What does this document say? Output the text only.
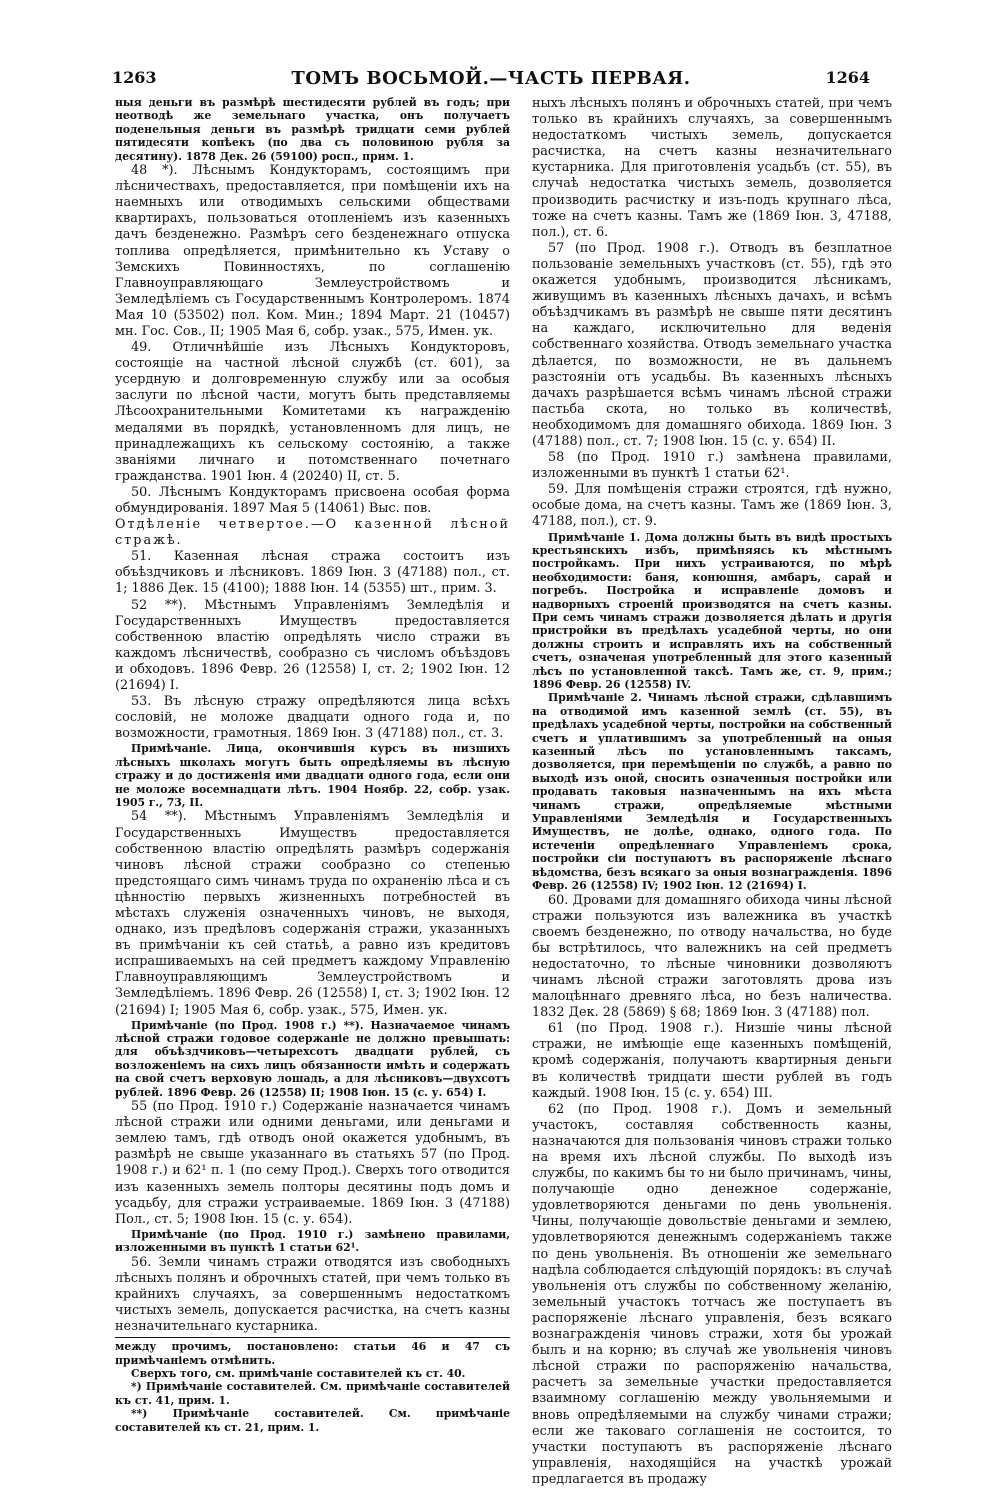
1263	ТОМЪ ВОСЬМОЙ.—ЧАСТЬ ПЕРВАЯ.	1264

ныя деньги въ размѣрѣ шестидесяти рублей въ годъ; при неотводѣ же земельнаго участка, онъ получаетъ поденельныя деньги въ размѣрѣ тридцати семи рублей пятидесяти копѣекъ (по два съ половиною рубля за десятину). 1878 Дек. 26 (59100) росп., прим. 1.

48 *). Лѣснымъ Кондукторамъ, состоящимъ при лѣсничествахъ, предоставляется, при помѣщеніи ихъ на наемныхъ или отводимыхъ сельскими обществами квартирахъ, пользоваться отопленіемъ изъ казенныхъ дачъ безденежно. Размѣръ сего безденежнаго отпуска топлива опредѣляется, примѣнительно къ Уставу о Земскихъ Повинностяхъ, по соглашенію Главноуправляющаго Землеустройствомъ и Земледѣліемъ съ Государственнымъ Контролеромъ. 1874 Мая 10 (53502) пол. Ком. Мин.; 1894 Март. 21 (10457) мн. Гос. Сов., II; 1905 Мая 6, собр. узак., 575, Имен. ук.

49. Отличнѣйшіе изъ Лѣсныхъ Кондукторовъ, состоящіе на частной лѣсной службѣ (ст. 601), за усердную и долговременную службу или за особыя заслуги по лѣсной части, могутъ быть представляемы Лѣсоохранительными Комитетами къ награжденію медалями въ порядкѣ, установленномъ для лицъ, не принадлежащихъ къ сельскому состоянію, а также званіями личнаго и потомственнаго почетнаго гражданства. 1901 Іюн. 4 (20240) II, ст. 5.

50. Лѣснымъ Кондукторамъ присвоена особая форма обмундированія. 1897 Мая 5 (14061) Выс. пов.

Отдѣленіе четвертое.—О казенной лѣсной стражѣ.

51. Казенная лѣсная стража состоитъ изъ объѣздчиковъ и лѣсниковъ. 1869 Іюн. 3 (47188) пол., ст. 1; 1886 Дек. 15 (4100); 1888 Іюн. 14 (5355) шт., прим. 3.

52 **). Мѣстнымъ Управленіямъ Земледѣлія и Государственныхъ Имуществъ предоставляется собственною властію опредѣлять число стражи въ каждомъ лѣсничествѣ, сообразно съ числомъ объѣздовъ и обходовъ. 1896 Февр. 26 (12558) I, ст. 2; 1902 Іюн. 12 (21694) I.

53. Въ лѣсную стражу опредѣляются лица всѣхъ сословій, не моложе двадцати одного года и, по возможности, грамотныя. 1869 Іюн. 3 (47188) пол., ст. 3.

Примѣчаніе. Лица, окончившія курсъ въ низшихъ лѣсныхъ школахъ могутъ быть опредѣляемы въ лѣсную стражу и до достиженія ими двадцати одного года, если они не моложе восемнадцати лѣтъ. 1904 Ноябр. 22, собр. узак. 1905 г., 73, II.

54 **). Мѣстнымъ Управленіямъ Земледѣлія и Государственныхъ Имуществъ предоставляется собственною властію опредѣлять размѣръ содержанія чиновъ лѣсной стражи сообразно со степенью предстоящаго симъ чинамъ труда по охраненію лѣса и съ цѣнностію первыхъ жизненныхъ потребностей въ мѣстахъ служенія означенныхъ чиновъ, не выходя, однако, изъ предѣловъ содержанія стражи, указанныхъ въ примѣчаніи къ сей статьѣ, а равно изъ кредитовъ испрашиваемыхъ на сей предметъ каждому Управленію Главноуправляющимъ Землеустройствомъ и Земледѣліемъ. 1896 Февр. 26 (12558) I, ст. 3; 1902 Іюн. 12 (21694) I; 1905 Мая 6, собр. узак., 575, Имен. ук.

Примѣчаніе (по Прод. 1908 г.) **). Назначаемое чинамъ лѣсной стражи годовое содержаніе не должно превышать: для объѣздчиковъ—четырехсотъ двадцати рублей, съ возложеніемъ на сихъ лицъ обязанности имѣть и содержать на свой счетъ верховую лошадь, а для лѣсниковъ—двухсотъ рублей. 1896 Февр. 26 (12558) II; 1908 Іюн. 15 (с. у. 654) I.

55 (по Прод. 1910 г.) Содержаніе назначается чинамъ лѣсной стражи или одними деньгами, или деньгами и землею тамъ, гдѣ отводъ оной окажется удобнымъ, въ размѣрѣ не свыше указаннаго въ статьяхъ 57 (по Прод. 1908 г.) и 62¹ п. 1 (по сему Прод.). Сверхъ того отводится изъ казенныхъ земель полторы десятины подъ домъ и усадьбу, для стражи устраиваемые. 1869 Іюн. 3 (47188) Пол., ст. 5; 1908 Іюн. 15 (с. у. 654).

Примѣчаніе (по Прод. 1910 г.) замѣнено правилами, изложенными въ пунктѣ 1 статьи 62¹.

56. Земли чинамъ стражи отводятся изъ свободныхъ лѣсныхъ полянъ и оброчныхъ статей, при чемъ только въ крайнихъ случаяхъ, за совершеннымъ недостаткомъ чистыхъ земель, допускается расчистка, на счетъ казны незначительнаго кустарника.

между прочимъ, постановлено: статьи 46 и 47 съ примѣчаніемъ отмѣнить.

Сверхъ того, см. примѣчаніе составителей къ ст. 40.

*) Примѣчаніе составителей. См. примѣчаніе составителей къ ст. 41, прим. 1.

**) Примѣчаніе составителей. См. примѣчаніе составителей къ ст. 21, прим. 1.

ныхъ лѣсныхъ полянъ и оброчныхъ статей, при чемъ только въ крайнихъ случаяхъ, за совершеннымъ недостаткомъ чистыхъ земель, допускается расчистка, на счетъ казны незначительнаго кустарника. Для приготовленія усадьбъ (ст. 55), въ случаѣ недостатка чистыхъ земель, дозволяется производить расчистку и изъ-подъ крупнаго лѣса, тоже на счетъ казны. Тамъ же (1869 Іюн. 3, 47188, пол.), ст. 6.

57 (по Прод. 1908 г.). Отводъ въ безплатное пользованіе земельныхъ участковъ (ст. 55), гдѣ это окажется удобнымъ, производится лѣсникамъ, живущимъ въ казенныхъ лѣсныхъ дачахъ, и всѣмъ объѣздчикамъ въ размѣрѣ не свыше пяти десятинъ на каждаго, исключительно для веденія собственнаго хозяйства. Отводъ земельнаго участка дѣлается, по возможности, не въ дальнемъ разстояніи отъ усадьбы. Въ казенныхъ лѣсныхъ дачахъ разрѣшается всѣмъ чинамъ лѣсной стражи пастьба скота, но только въ количествѣ, необходимомъ для домашняго обихода. 1869 Іюн. 3 (47188) пол., ст. 7; 1908 Іюн. 15 (с. у. 654) II.

58 (по Прод. 1910 г.) замѣнена правилами, изложенными въ пунктѣ 1 статьи 62¹.

59. Для помѣщенія стражи строятся, гдѣ нужно, особые дома, на счетъ казны. Тамъ же (1869 Іюн. 3, 47188, пол.), ст. 9.

Примѣчаніе 1. Дома должны быть въ видѣ простыхъ крестьянскихъ избъ, примѣняясь къ мѣстнымъ постройкамъ. При нихъ устраиваются, по мѣрѣ необходимости: баня, конюшня, амбаръ, сарай и погребъ. Постройка и исправленіе домовъ и надворныхъ строеній производятся на счетъ казны. При семъ чинамъ стражи дозволяется дѣлать и другія пристройки въ предѣлахъ усадебной черты, но они должны строить и исправлять ихъ на собственный счетъ, означеная употребленный для этого казенный лѣсъ по установленной таксѣ. Тамъ же, ст. 9, прим.; 1896 Февр. 26 (12558) IV.

Примѣчаніе 2. Чинамъ лѣсной стражи, сдѣлавшимъ на отводимой имъ казенной землѣ (ст. 55), въ предѣлахъ усадебной черты, постройки на собственный счетъ и уплатившимъ за употребленный на оныя казенный лѣсъ по установленнымъ таксамъ, дозволяется, при перемѣщеніи по службѣ, а равно по выходѣ изъ оной, сносить означенныя постройки или продавать таковыя назначеннымъ на ихъ мѣста чинамъ стражи, опредѣляемые мѣстными Управленіями Земледѣлія и Государственныхъ Имуществъ, не долѣе, однако, одного года. По истеченіи опредѣленнаго Управленіемъ срока, постройки сіи поступаютъ въ распоряженіе лѣснаго вѣдомства, безъ всякаго за оныя вознагражденія. 1896 Февр. 26 (12558) IV; 1902 Іюн. 12 (21694) I.

60. Дровами для домашняго обихода чины лѣсной стражи пользуются изъ валежника въ участкѣ своемъ безденежно, по отводу начальства, но буде бы встрѣтилось, что валежникъ на сей предметъ недостаточно, то лѣсные чиновники дозволяютъ чинамъ лѣсной стражи заготовлять дрова изъ малоцѣннаго древняго лѣса, но безъ наличества. 1832 Дек. 28 (5869) § 68; 1869 Іюн. 3 (47188) пол.

61 (по Прод. 1908 г.). Низшіе чины лѣсной стражи, не имѣющіе еще казенныхъ помѣщеній, кромѣ содержанія, получаютъ квартирныя деньги въ количествѣ тридцати шести рублей въ годъ каждый. 1908 Іюн. 15 (с. у. 654) III.

62 (по Прод. 1908 г.). Домъ и земельный участокъ, составляя собственность казны, назначаются для пользованія чиновъ стражи только на время ихъ лѣсной службы. По выходѣ изъ службы, по какимъ бы то ни было причинамъ, чины, получающіе одно денежное содержаніе, удовлетворяются деньгами по день увольненія. Чины, получающіе довольствіе деньгами и землею, удовлетворяются денежнымъ содержаніемъ также по день увольненія. Въ отношеніи же земельнаго надѣла соблюдается слѣдующій порядокъ: въ случаѣ увольненія отъ службы по собственному желанію, земельный участокъ тотчасъ же поступаетъ въ распоряженіе лѣснаго управленія, безъ всякаго вознагражденія чиновъ стражи, хотя бы урожай былъ и на корню; въ случаѣ же увольненія чиновъ лѣсной стражи по распоряженію начальства, расчетъ за земельные участки предоставляется взаимному соглашенію между увольняемыми и вновь опредѣляемыми на службу чинами стражи; если же таковаго соглашенія не состоится, то участки поступаютъ въ распоряженіе лѣснаго управленія, находящійся на участкѣ урожай предлагается въ продажу
